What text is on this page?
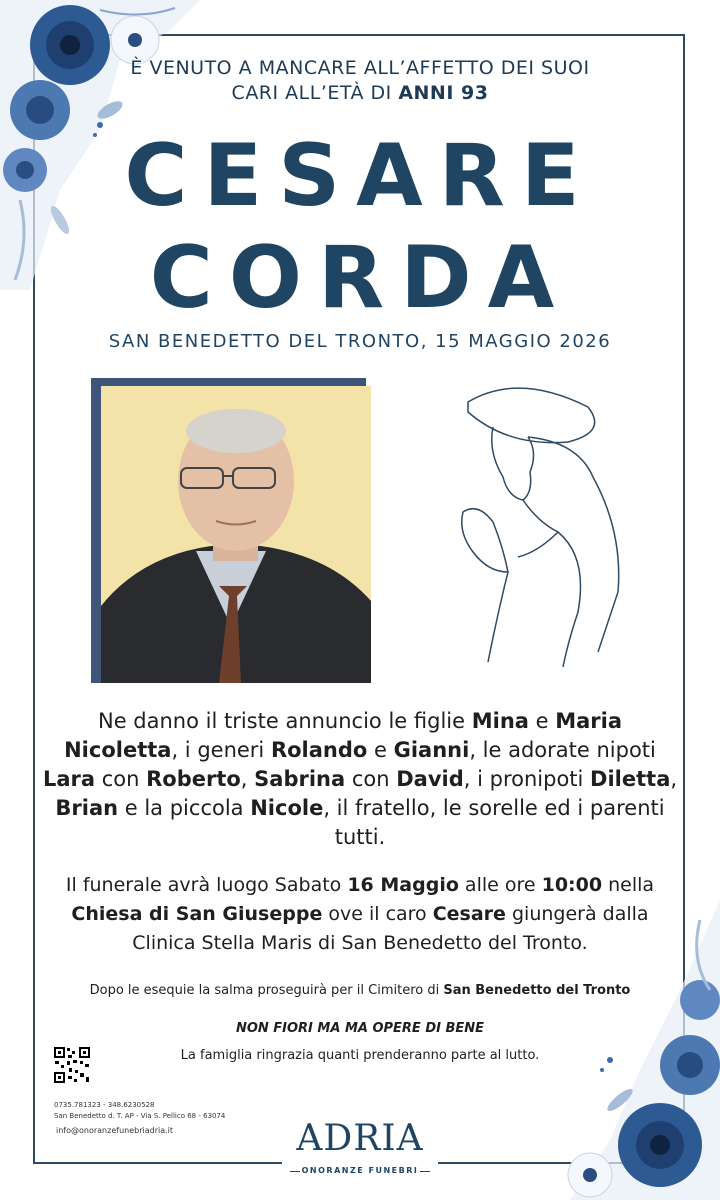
È VENUTO A MANCARE ALL’AFFETTO DEI SUOI
CARI ALL’ETÀ DI ANNI 93
CESARE
CORDA
SAN BENEDETTO DEL TRONTO, 15 MAGGIO 2026
Ne danno il triste annuncio le figlie Mina e Maria Nicoletta, i generi Rolando e Gianni, le adorate nipoti Lara con Roberto, Sabrina con David, i pronipoti Diletta, Brian e la piccola Nicole, il fratello, le sorelle ed i parenti tutti.
Il funerale avrà luogo Sabato 16 Maggio alle ore 10:00 nella Chiesa di San Giuseppe ove il caro Cesare giungerà dalla Clinica Stella Maris di San Benedetto del Tronto.
Dopo le esequie la salma proseguirà per il Cimitero di San Benedetto del Tronto
NON FIORI MA MA OPERE DI BENE
La famiglia ringrazia quanti prenderanno parte al lutto.
0735.781323 - 348.6230528
San Benedetto d. T. AP - Via S. Pellico 68 - 63074
info@onoranzefunebriadria.it	ADRIA
ONORANZE FUNEBRI
